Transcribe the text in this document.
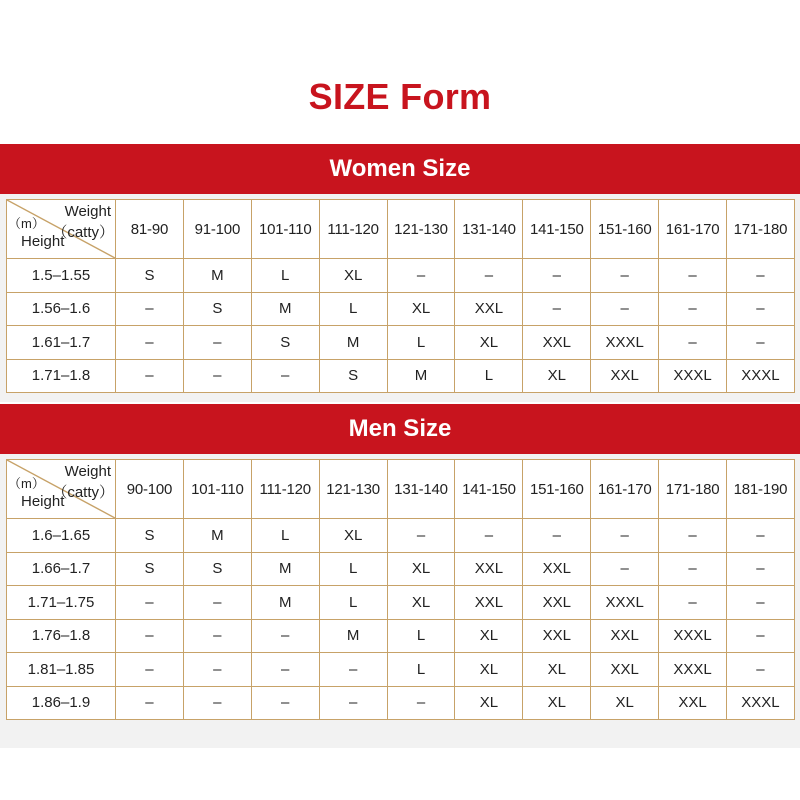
SIZE Form
Women Size
Weight
（catty）
（m）
Height	81-90	91-100	101-110	111-120	121-130	131-140	141-150	151-160	161-170	171-180
1.5–1.55	S	M	L	XL	–	–	–	–	–	–
1.56–1.6	–	S	M	L	XL	XXL	–	–	–	–
1.61–1.7	–	–	S	M	L	XL	XXL	XXXL	–	–
1.71–1.8	–	–	–	S	M	L	XL	XXL	XXXL	XXXL
Men Size
Weight
（catty）
（m）
Height	90-100	101-110	111-120	121-130	131-140	141-150	151-160	161-170	171-180	181-190
1.6–1.65	S	M	L	XL	–	–	–	–	–	–
1.66–1.7	S	S	M	L	XL	XXL	XXL	–	–	–
1.71–1.75	–	–	M	L	XL	XXL	XXL	XXXL	–	–
1.76–1.8	–	–	–	M	L	XL	XXL	XXL	XXXL	–
1.81–1.85	–	–	–	–	L	XL	XL	XXL	XXXL	–
1.86–1.9	–	–	–	–	–	XL	XL	XL	XXL	XXXL
